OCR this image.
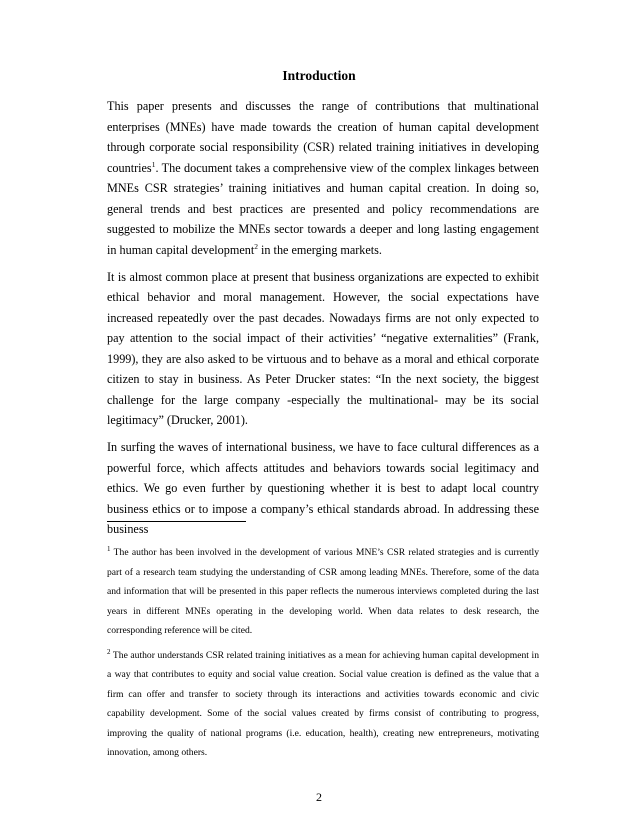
Introduction

This paper presents and discusses the range of contributions that multinational enterprises (MNEs) have made towards the creation of human capital development through corporate social responsibility (CSR) related training initiatives in developing countries$^1$. The document takes a comprehensive view of the complex linkages between MNEs CSR strategies’ training initiatives and human capital creation. In doing so, general trends and best practices are presented and policy recommendations are suggested to mobilize the MNEs sector towards a deeper and long lasting engagement in human capital development$^2$ in the emerging markets.

It is almost common place at present that business organizations are expected to exhibit ethical behavior and moral management. However, the social expectations have increased repeatedly over the past decades. Nowadays firms are not only expected to pay attention to the social impact of their activities’ “negative externalities” (Frank, 1999), they are also asked to be virtuous and to behave as a moral and ethical corporate citizen to stay in business. As Peter Drucker states: “In the next society, the biggest challenge for the large company -especially the multinational- may be its social legitimacy” (Drucker, 2001).

In surfing the waves of international business, we have to face cultural differences as a powerful force, which affects attitudes and behaviors towards social legitimacy and ethics. We go even further by questioning whether it is best to adapt local country business ethics or to impose a company’s ethical standards abroad. In addressing these business

$^1$ The author has been involved in the development of various MNE’s CSR related strategies and is currently part of a research team studying the understanding of CSR among leading MNEs. Therefore, some of the data and information that will be presented in this paper reflects the numerous interviews completed during the last years in different MNEs operating in the developing world. When data relates to desk research, the corresponding reference will be cited.

$^2$ The author understands CSR related training initiatives as a mean for achieving human capital development in a way that contributes to equity and social value creation. Social value creation is defined as the value that a firm can offer and transfer to society through its interactions and activities towards economic and civic capability development. Some of the social values created by firms consist of contributing to progress, improving the quality of national programs (i.e. education, health), creating new entrepreneurs, motivating innovation, among others.

2
